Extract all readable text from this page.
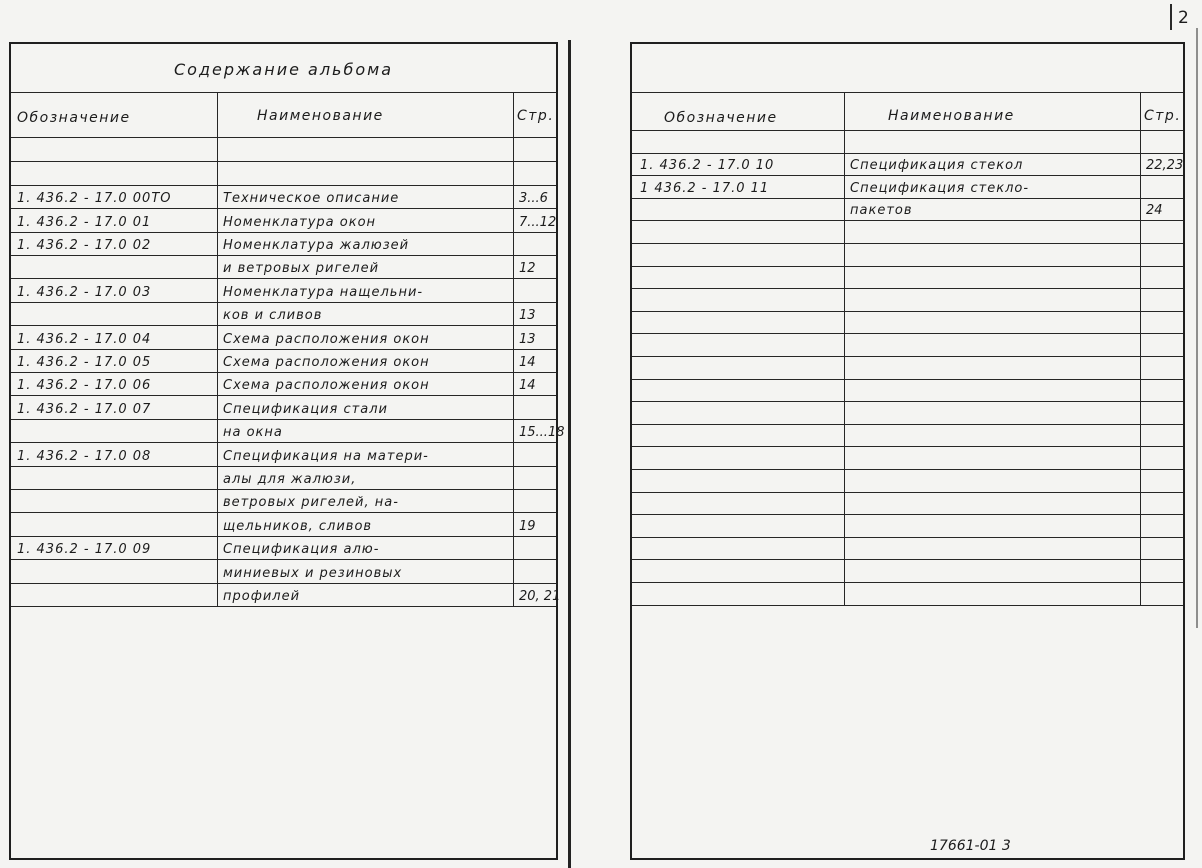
2
Содержание альбома
Обозначение	Наименование	Стр.
1. 436.2 - 17.0 00ТО	Техническое описание	3...6
1. 436.2 - 17.0 01	Номенклатура окон	7...12
1. 436.2 - 17.0 02	Номенклатура жалюзей
и ветровых ригелей	12
1. 436.2 - 17.0 03	Номенклатура нащельни-
ков и сливов	13
1. 436.2 - 17.0 04	Схема расположения окон	13
1. 436.2 - 17.0 05	Схема расположения окон	14
1. 436.2 - 17.0 06	Схема расположения окон	14
1. 436.2 - 17.0 07	Спецификация стали
на окна	15...18
1. 436.2 - 17.0 08	Спецификация на матери-
алы для жалюзи,
ветровых ригелей, на-
щельников, сливов	19
1. 436.2 - 17.0 09	Спецификация алю-
миниевых и резиновых
профилей	20, 21
Обозначение	Наименование	Стр.
1. 436.2 - 17.0 10	Спецификация стекол	22,23
1 436.2 - 17.0 11	Спецификация стекло-
пакетов	24
17661-01 3
